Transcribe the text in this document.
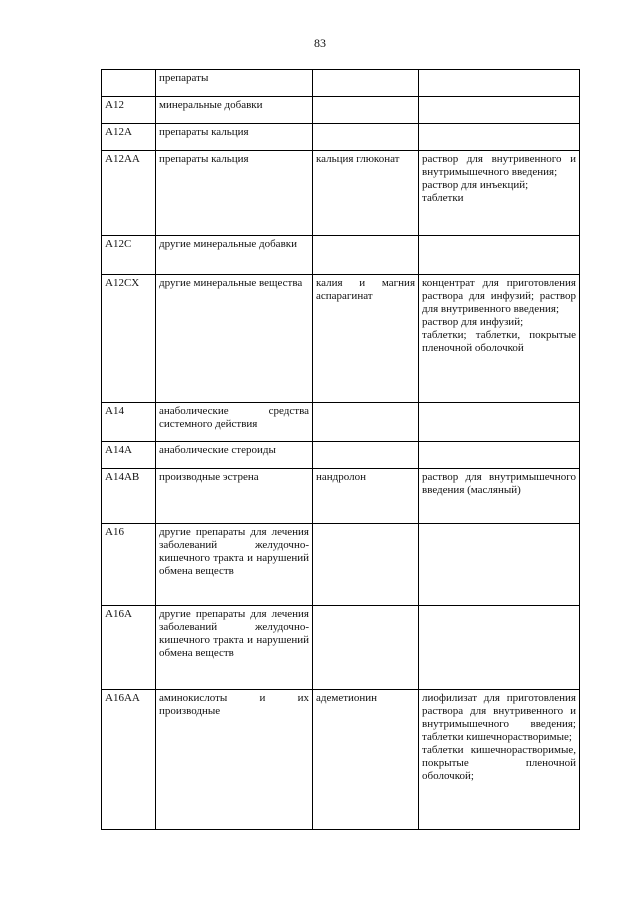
83
	препараты		
A12	минеральные добавки		
A12A	препараты кальция		
A12AA	препараты кальция	кальция глюконат	раствор для внутривенного и внутримышечного введения;
раствор для инъекций;
таблетки
A12C	другие минеральные добавки		
A12CX	другие минеральные вещества	калия и магния аспарагинат	концентрат для приготовления раствора для инфузий; раствор для внутривенного введения;
раствор для инфузий;
таблетки; таблетки, покрытые пленочной оболочкой
A14	анаболические средства системного действия		
A14A	анаболические стероиды		
A14AB	производные эстрена	нандролон	раствор для внутримышечного введения (масляный)
A16	другие препараты для лечения заболеваний желудочно-кишечного тракта и нарушений обмена веществ		
A16A	другие препараты для лечения заболеваний желудочно-кишечного тракта и нарушений обмена веществ		
A16AA	аминокислоты и их производные	адеметионин	лиофилизат для приготовления раствора для внутривенного и внутримышечного введения; таблетки кишечнорастворимые;
таблетки кишечнорастворимые, покрытые пленочной оболочкой;
